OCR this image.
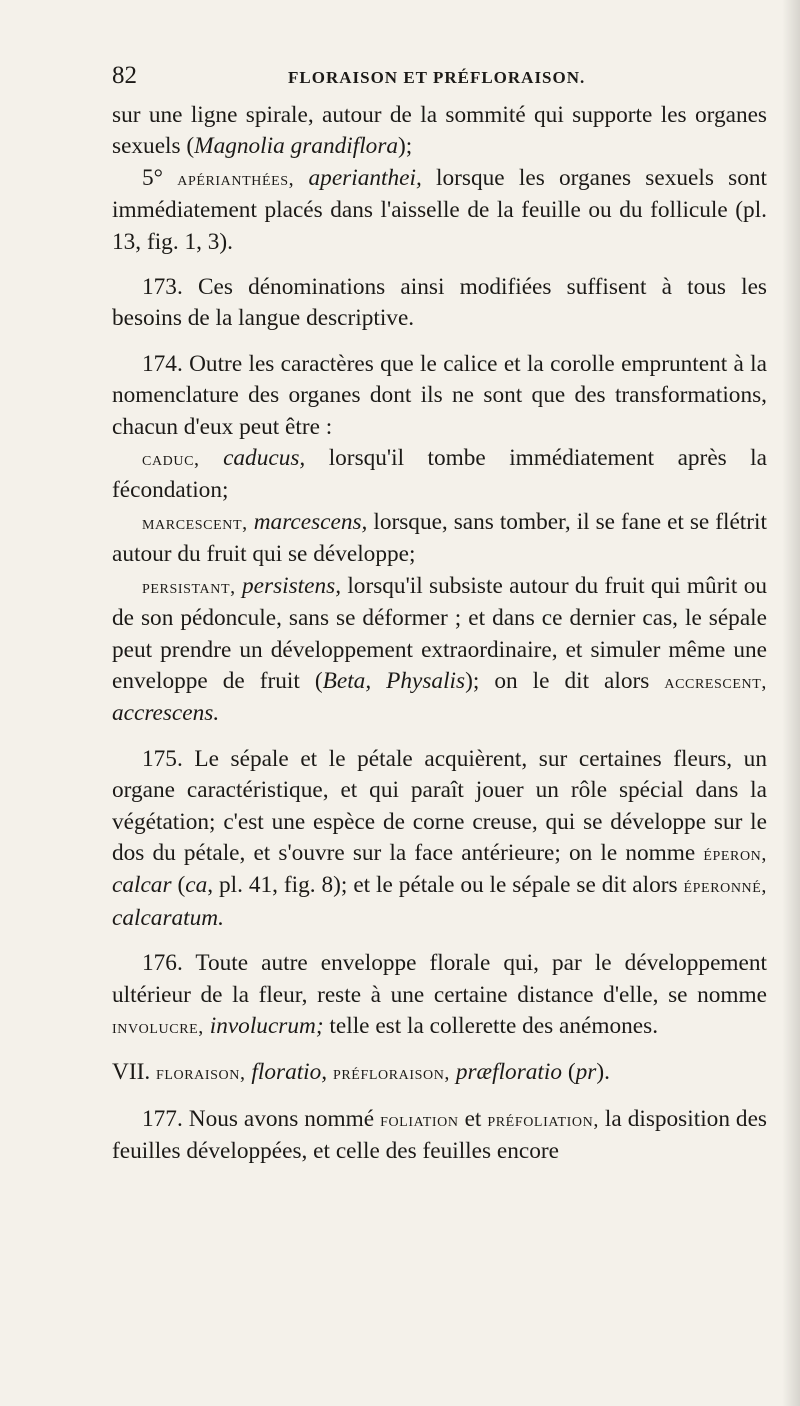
82	FLORAISON ET PRÉFLORAISON.

sur une ligne spirale, autour de la sommité qui supporte les organes sexuels (Magnolia grandiflora);

5° apérianthées, aperianthei, lorsque les organes sexuels sont immédiatement placés dans l'aisselle de la feuille ou du follicule (pl. 13, fig. 1, 3).

173. Ces dénominations ainsi modifiées suffisent à tous les besoins de la langue descriptive.

174. Outre les caractères que le calice et la corolle empruntent à la nomenclature des organes dont ils ne sont que des transformations, chacun d'eux peut être :

caduc, caducus, lorsqu'il tombe immédiatement après la fécondation;

marcescent, marcescens, lorsque, sans tomber, il se fane et se flétrit autour du fruit qui se développe;

persistant, persistens, lorsqu'il subsiste autour du fruit qui mûrit ou de son pédoncule, sans se déformer ; et dans ce dernier cas, le sépale peut prendre un développement extraordinaire, et simuler même une enveloppe de fruit (Beta, Physalis); on le dit alors accrescent, accrescens.

175. Le sépale et le pétale acquièrent, sur certaines fleurs, un organe caractéristique, et qui paraît jouer un rôle spécial dans la végétation; c'est une espèce de corne creuse, qui se développe sur le dos du pétale, et s'ouvre sur la face antérieure; on le nomme éperon, calcar (ca, pl. 41, fig. 8); et le pétale ou le sépale se dit alors éperonné, calcaratum.

176. Toute autre enveloppe florale qui, par le développement ultérieur de la fleur, reste à une certaine distance d'elle, se nomme involucre, involucrum; telle est la collerette des anémones.

VII. floraison, floratio, préfloraison, præfloratio (pr).

177. Nous avons nommé foliation et préfoliation, la disposition des feuilles développées, et celle des feuilles encore
